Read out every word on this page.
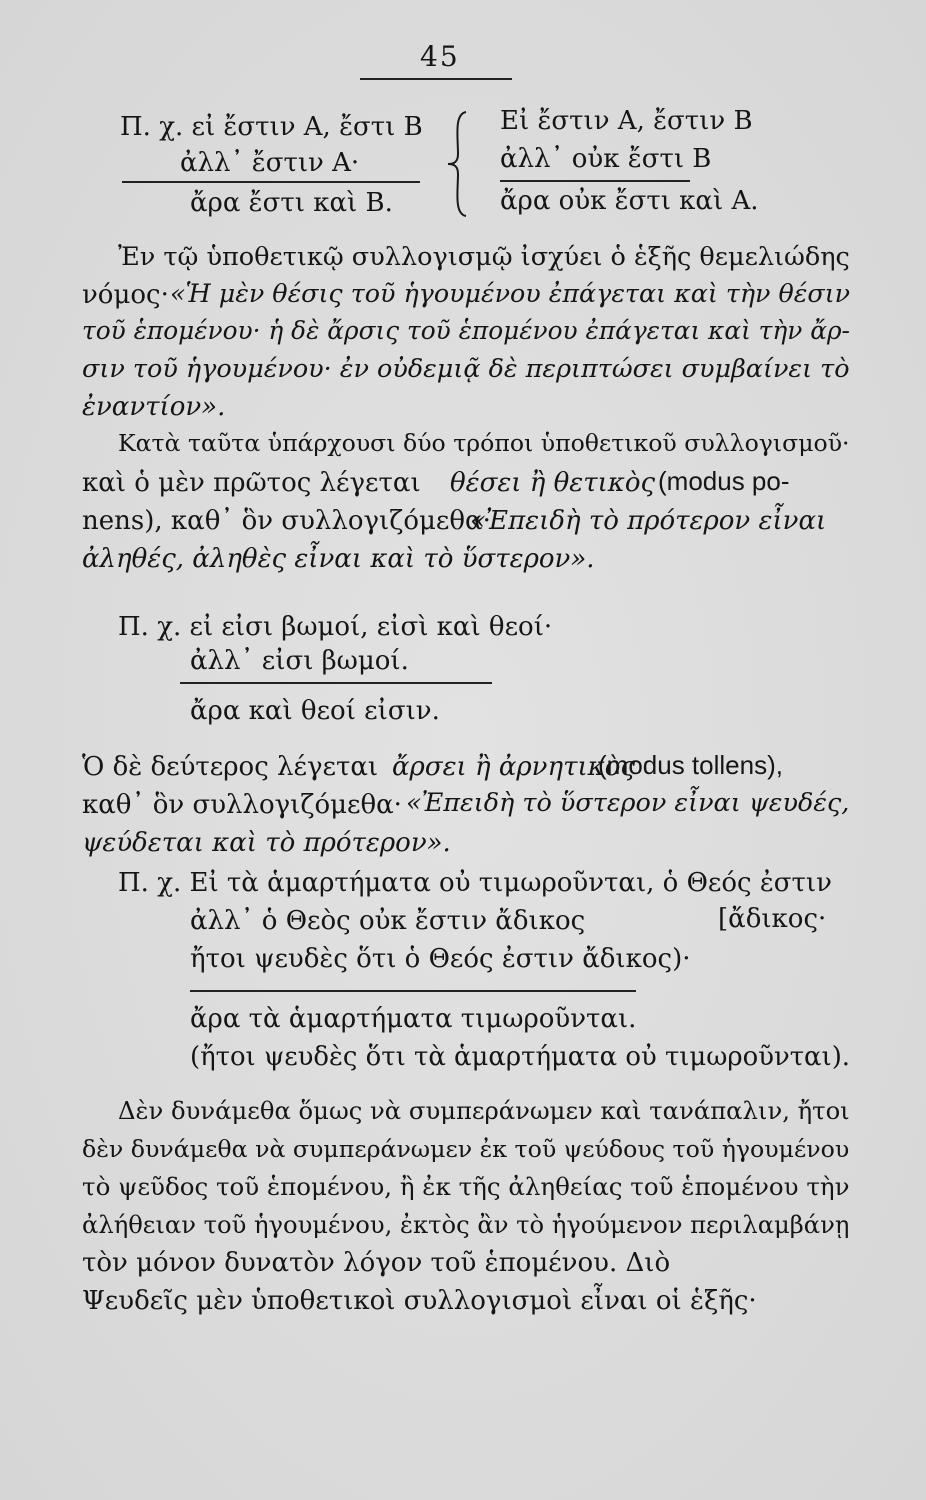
45
Π. χ. εἰ ἔστιν Α, ἔστι Β
ἀλλ᾽ ἔστιν Α·
ἄρα ἔστι καὶ Β.
Εἰ ἔστιν Α, ἔστιν Β
ἀλλ᾽ οὐκ ἔστι Β
ἄρα οὐκ ἔστι καὶ Α.
Ἐν τῷ ὑποθετικῷ συλλογισμῷ ἰσχύει ὁ ἑξῆς θεμελιώδης
νόμος· «Ἡ μὲν θέσις τοῦ ἡγουμένου ἐπάγεται καὶ τὴν θέσιν
τοῦ ἑπομένου· ἡ δὲ ἄρσις τοῦ ἑπομένου ἐπάγεται καὶ τὴν ἄρ-
σιν τοῦ ἡγουμένου· ἐν οὐδεμιᾷ δὲ περιπτώσει συμβαίνει τὸ
ἐναντίον».
Κατὰ ταῦτα ὑπάρχουσι δύο τρόποι ὑποθετικοῦ συλλογισμοῦ·
καὶ ὁ μὲν πρῶτος λέγεται θέσει ἢ θετικὸς (modus po-
nens), καθ᾽ ὃν συλλογιζόμεθα·
«Ἐπειδὴ τὸ πρότερον εἶναι
ἀληθές, ἀληθὲς εἶναι καὶ τὸ ὕστερον».
Π. χ. εἰ εἰσι βωμοί, εἰσὶ καὶ θεοί·
ἀλλ᾽ εἰσι βωμοί.
ἄρα καὶ θεοί εἰσιν.
Ὁ δὲ δεύτερος λέγεται ἄρσει ἢ ἀρνητικὸς
(modus tollens),
καθ᾽ ὃν συλλογιζόμεθα· «Ἐπειδὴ τὸ ὕστερον εἶναι ψευδές,
ψεύδεται καὶ τὸ πρότερον».
Π. χ. Εἰ τὰ ἁμαρτήματα οὐ τιμωροῦνται, ὁ Θεός ἐστιν
ἀλλ᾽ ὁ Θεὸς οὐκ ἔστιν ἄδικος	[ἄδικος·
ἤτοι ψευδὲς ὅτι ὁ Θεός ἐστιν ἄδικος)·
ἄρα τὰ ἁμαρτήματα τιμωροῦνται.
(ἤτοι ψευδὲς ὅτι τὰ ἁμαρτήματα οὐ τιμωροῦνται).
Δὲν δυνάμεθα ὅμως νὰ συμπεράνωμεν καὶ τανάπαλιν, ἤτοι
δὲν δυνάμεθα νὰ συμπεράνωμεν ἐκ τοῦ ψεύδους τοῦ ἡγουμένου
τὸ ψεῦδος τοῦ ἑπομένου, ἢ ἐκ τῆς ἀληθείας τοῦ ἑπομένου τὴν
ἀλήθειαν τοῦ ἡγουμένου, ἐκτὸς ἂν τὸ ἡγούμενον περιλαμβάνῃ
τὸν μόνον δυνατὸν λόγον τοῦ ἑπομένου. Διὸ
Ψευδεῖς μὲν ὑποθετικοὶ συλλογισμοὶ εἶναι οἱ ἑξῆς·
